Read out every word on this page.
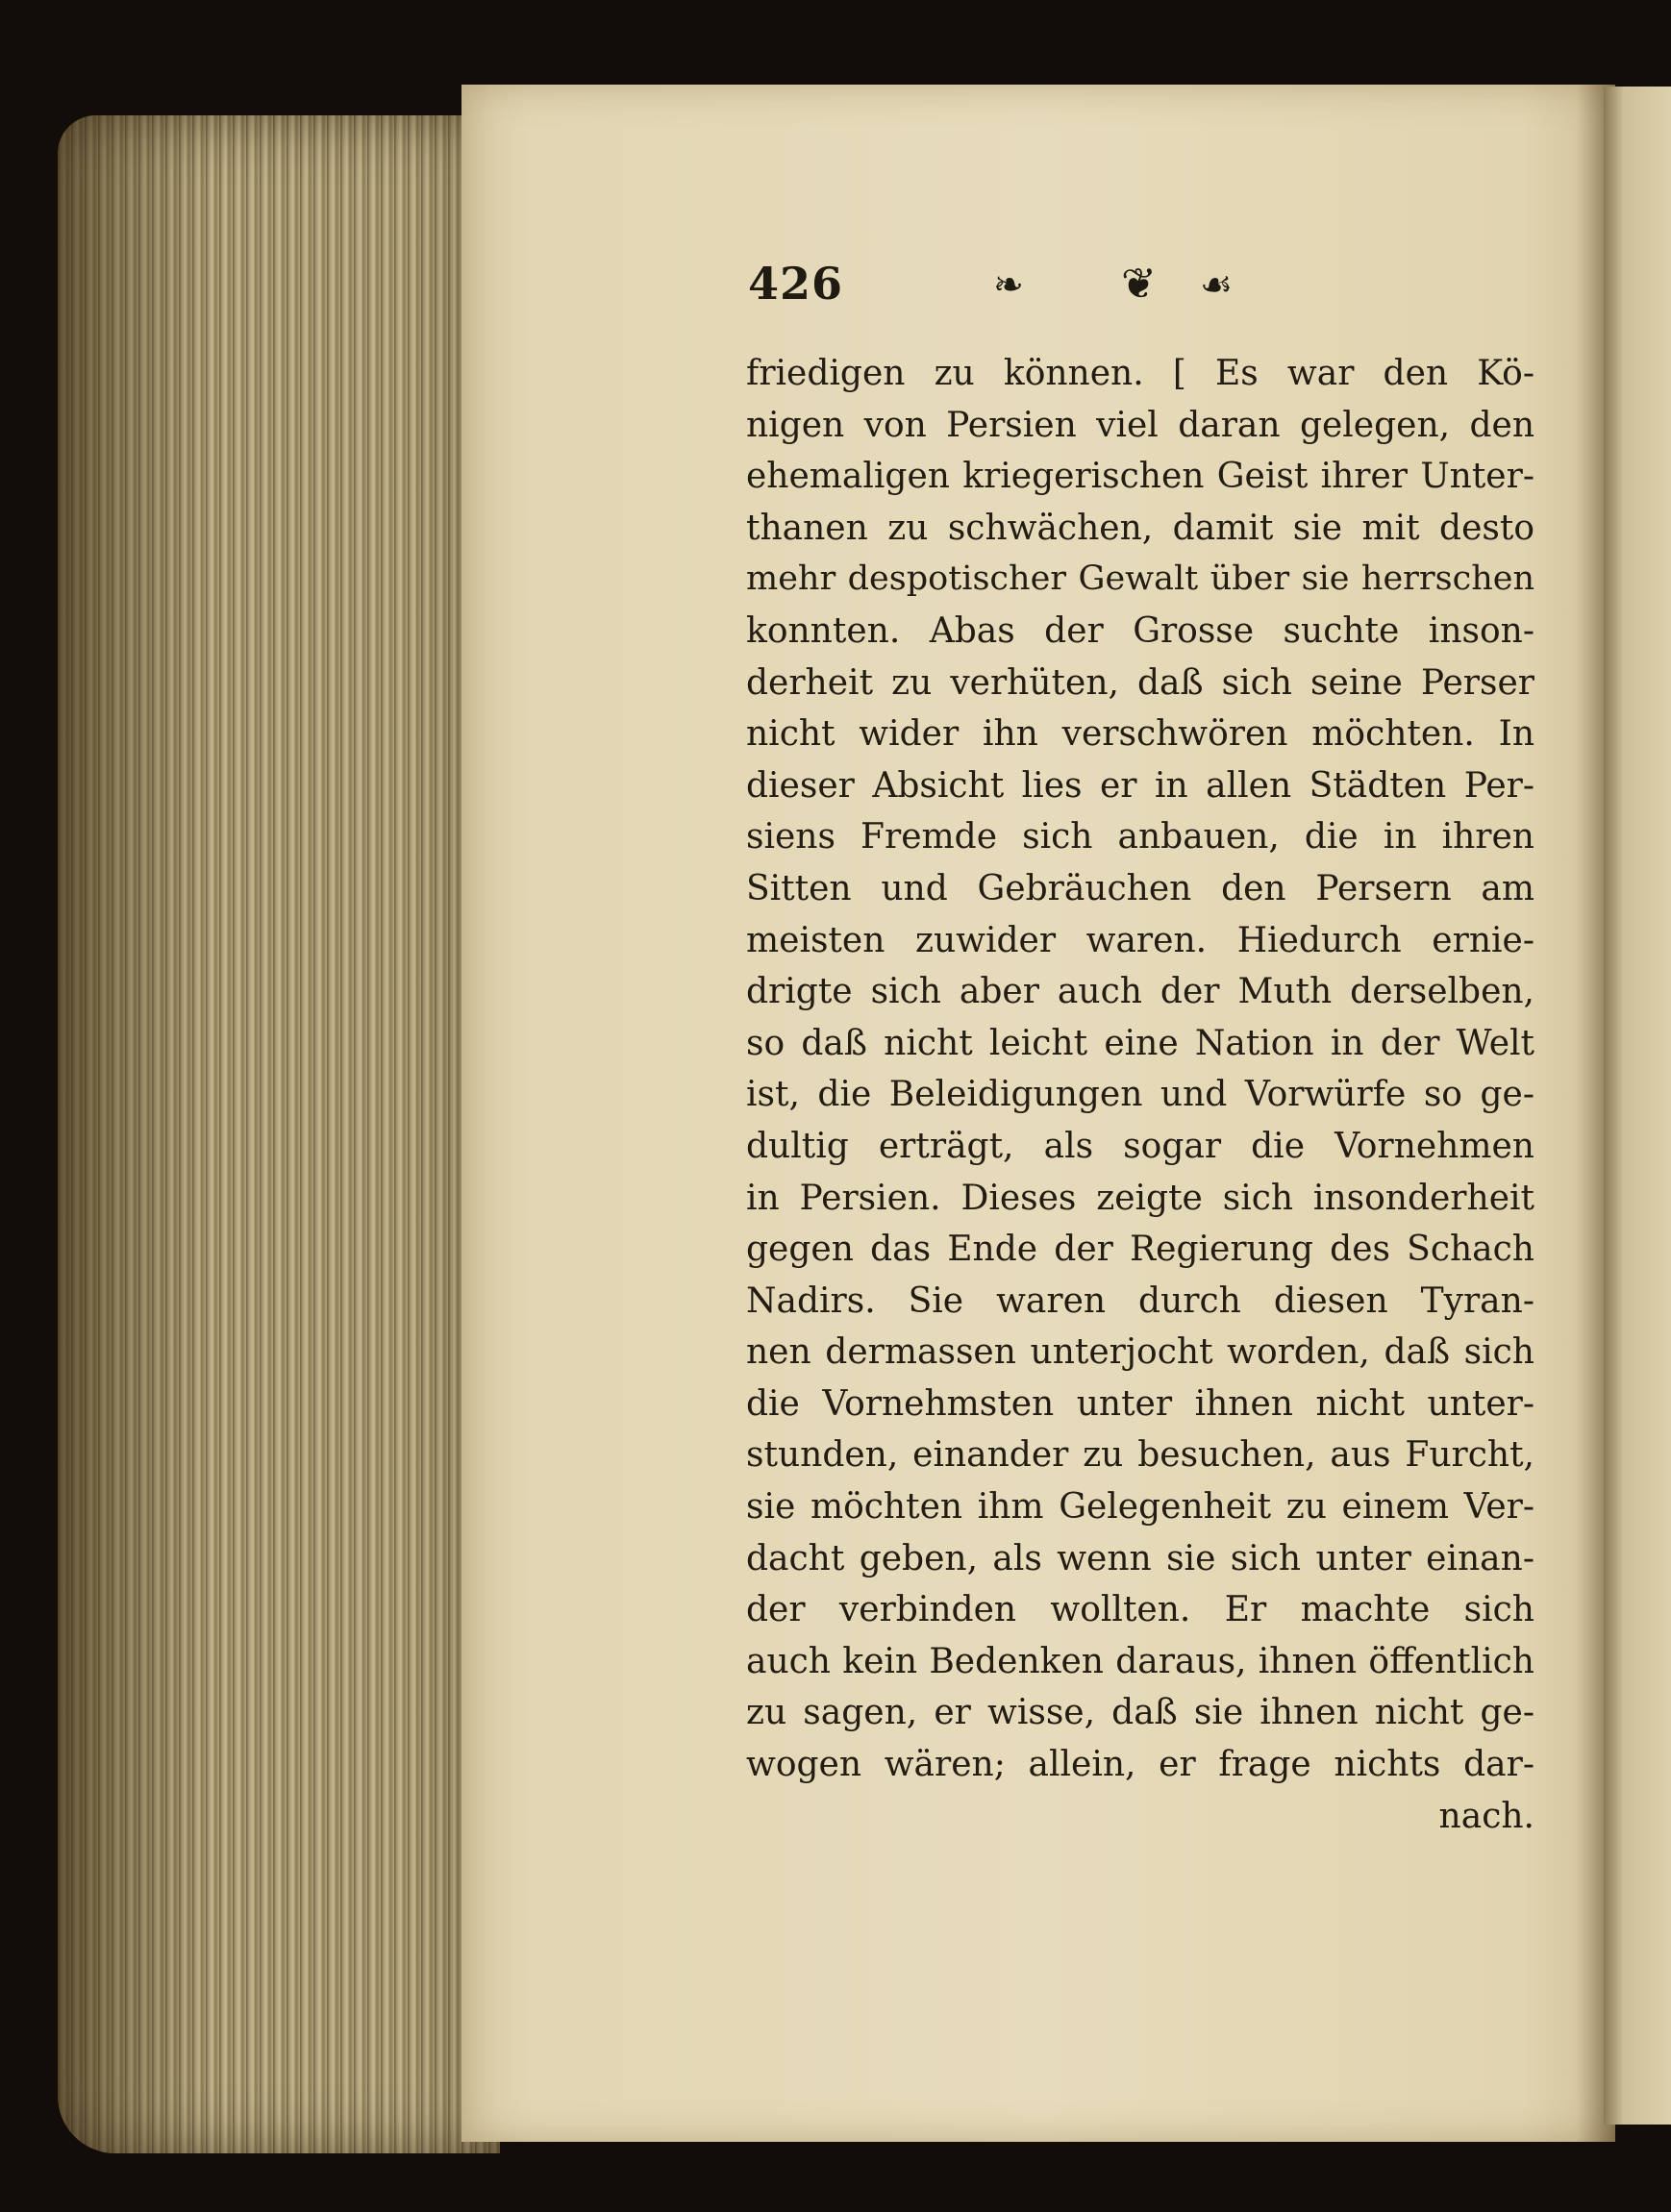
426	❧ ❦ ☙
friedigen zu können. [ Es war den Kö-
nigen von Persien viel daran gelegen, den
ehemaligen kriegerischen Geist ihrer Unter-
thanen zu schwächen, damit sie mit desto
mehr despotischer Gewalt über sie herrschen
konnten. Abas der Grosse suchte inson-
derheit zu verhüten, daß sich seine Perser
nicht wider ihn verschwören möchten. In
dieser Absicht lies er in allen Städten Per-
siens Fremde sich anbauen, die in ihren
Sitten und Gebräuchen den Persern am
meisten zuwider waren. Hiedurch ernie-
drigte sich aber auch der Muth derselben,
so daß nicht leicht eine Nation in der Welt
ist, die Beleidigungen und Vorwürfe so ge-
dultig erträgt, als sogar die Vornehmen
in Persien. Dieses zeigte sich insonderheit
gegen das Ende der Regierung des Schach
Nadirs. Sie waren durch diesen Tyran-
nen dermassen unterjocht worden, daß sich
die Vornehmsten unter ihnen nicht unter-
stunden, einander zu besuchen, aus Furcht,
sie möchten ihm Gelegenheit zu einem Ver-
dacht geben, als wenn sie sich unter einan-
der verbinden wollten. Er machte sich
auch kein Bedenken daraus, ihnen öffentlich
zu sagen, er wisse, daß sie ihnen nicht ge-
wogen wären; allein, er frage nichts dar-
nach.
